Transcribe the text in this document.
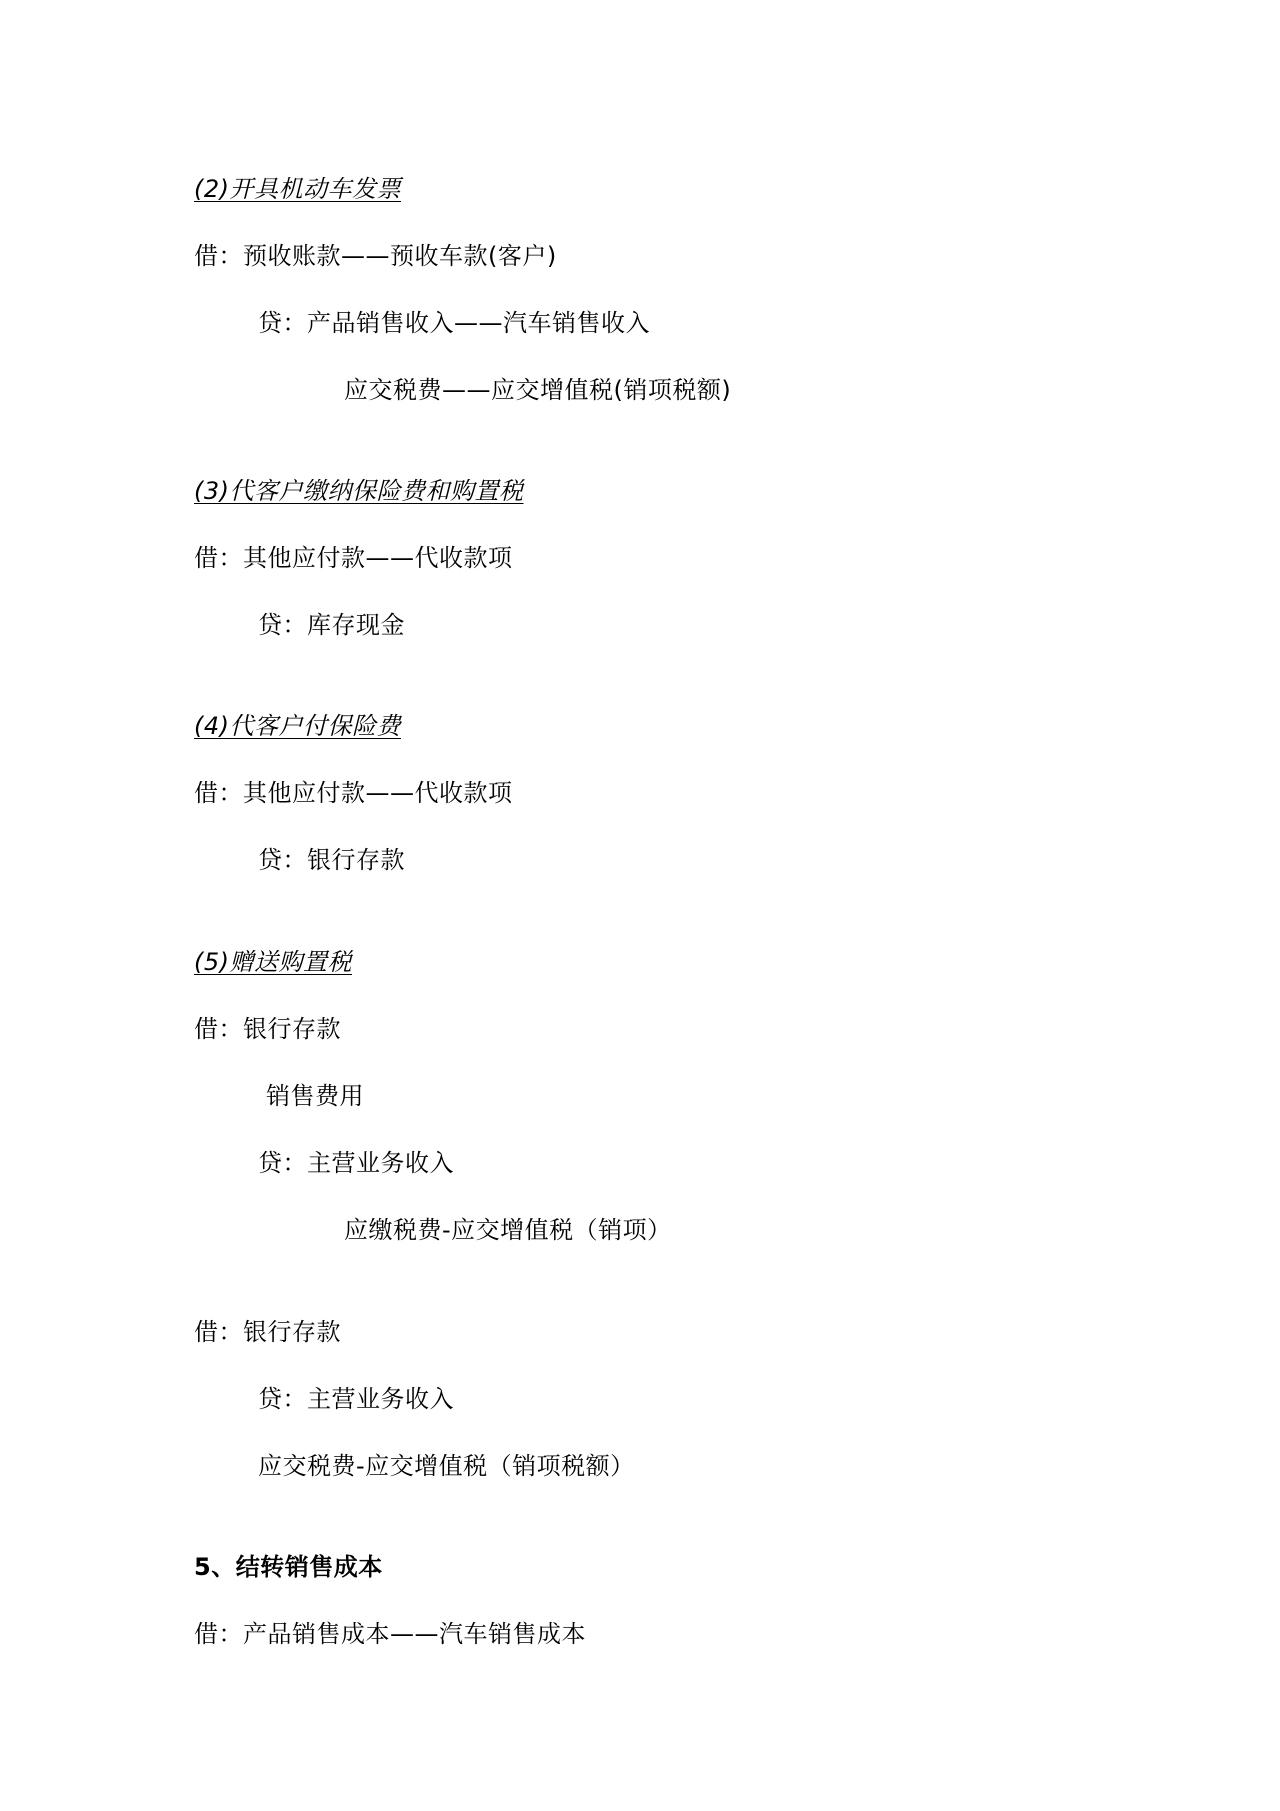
(2)开具机动车发票
借：预收账款——预收车款(客户)
贷：产品销售收入——汽车销售收入
应交税费——应交增值税(销项税额)
(3)代客户缴纳保险费和购置税
借：其他应付款——代收款项
贷：库存现金
(4)代客户付保险费
借：其他应付款——代收款项
贷：银行存款
(5)赠送购置税
借：银行存款
销售费用
贷：主营业务收入
应缴税费-应交增值税（销项）
借：银行存款
贷：主营业务收入
应交税费-应交增值税（销项税额）
5、结转销售成本
借：产品销售成本——汽车销售成本
